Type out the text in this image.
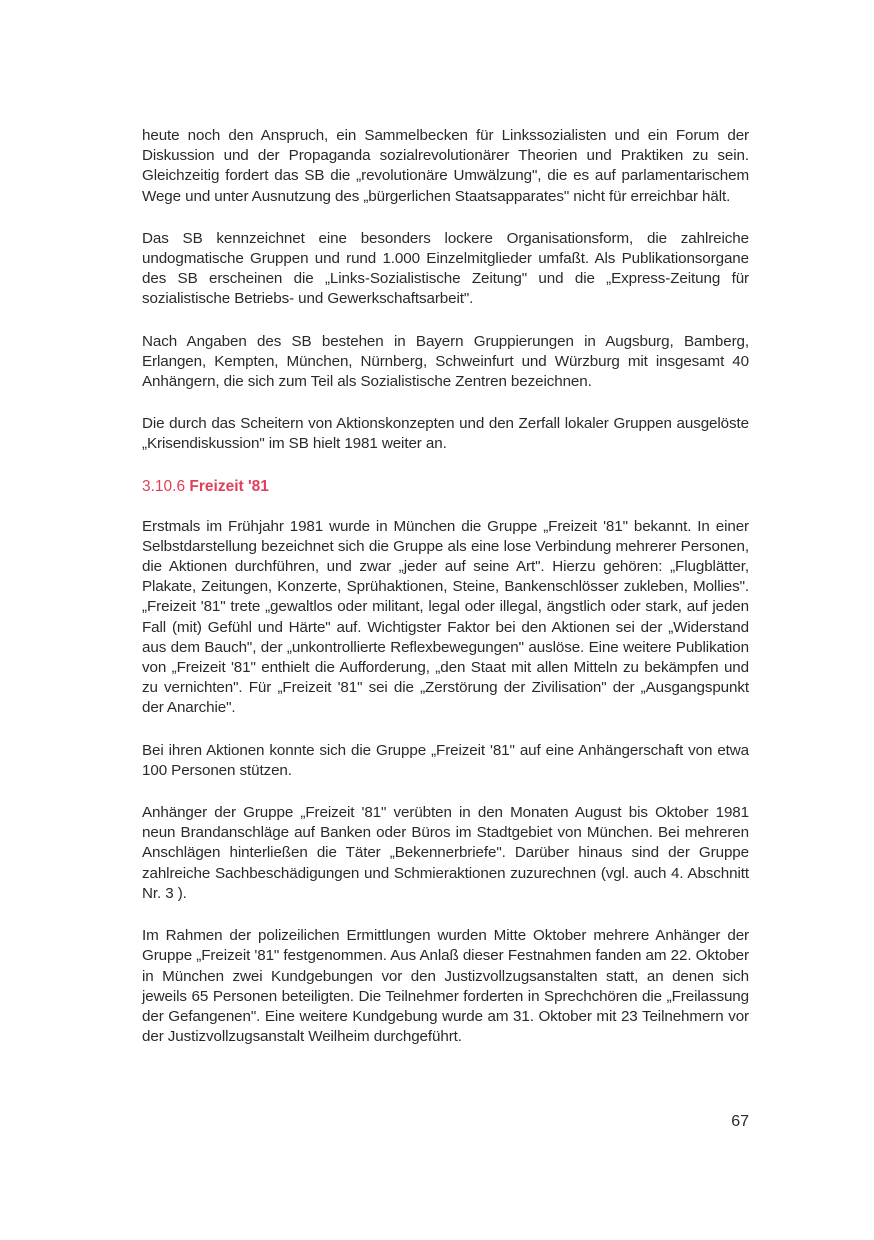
heute noch den Anspruch, ein Sammelbecken für Linkssozialisten und ein Forum der Diskussion und der Propaganda sozialrevolutionärer Theorien und Praktiken zu sein. Gleichzeitig fordert das SB die „revolutionäre Umwälzung", die es auf parlamentarischem Wege und unter Ausnutzung des „bürgerlichen Staatsapparates" nicht für erreichbar hält.

Das SB kennzeichnet eine besonders lockere Organisationsform, die zahlreiche undogmatische Gruppen und rund 1.000 Einzelmitglieder umfaßt. Als Publikationsorgane des SB erscheinen die „Links-Sozialistische Zeitung" und die „Express-Zeitung für sozialistische Betriebs- und Gewerkschaftsarbeit".

Nach Angaben des SB bestehen in Bayern Gruppierungen in Augsburg, Bamberg, Erlangen, Kempten, München, Nürnberg, Schweinfurt und Würzburg mit insgesamt 40 Anhängern, die sich zum Teil als Sozialistische Zentren bezeichnen.

Die durch das Scheitern von Aktionskonzepten und den Zerfall lokaler Gruppen ausgelöste „Krisendiskussion" im SB hielt 1981 weiter an.

3.10.6 Freizeit '81

Erstmals im Frühjahr 1981 wurde in München die Gruppe „Freizeit '81" bekannt. In einer Selbstdarstellung bezeichnet sich die Gruppe als eine lose Verbindung mehrerer Personen, die Aktionen durchführen, und zwar „jeder auf seine Art". Hierzu gehören: „Flugblätter, Plakate, Zeitungen, Konzerte, Sprühaktionen, Steine, Bankenschlösser zukleben, Mollies". „Freizeit '81" trete „gewaltlos oder militant, legal oder illegal, ängstlich oder stark, auf jeden Fall (mit) Gefühl und Härte" auf. Wichtigster Faktor bei den Aktionen sei der „Widerstand aus dem Bauch", der „unkontrollierte Reflexbewegungen" auslöse. Eine weitere Publikation von „Freizeit '81" enthielt die Aufforderung, „den Staat mit allen Mitteln zu bekämpfen und zu vernichten". Für „Freizeit '81" sei die „Zerstörung der Zivilisation" der „Ausgangspunkt der Anarchie".

Bei ihren Aktionen konnte sich die Gruppe „Freizeit '81" auf eine Anhängerschaft von etwa 100 Personen stützen.

Anhänger der Gruppe „Freizeit '81" verübten in den Monaten August bis Oktober 1981 neun Brandanschläge auf Banken oder Büros im Stadtgebiet von München. Bei mehreren Anschlägen hinterließen die Täter „Bekennerbriefe". Darüber hinaus sind der Gruppe zahlreiche Sachbeschädigungen und Schmieraktionen zuzurechnen (vgl. auch 4. Abschnitt Nr. 3 ).

Im Rahmen der polizeilichen Ermittlungen wurden Mitte Oktober mehrere Anhänger der Gruppe „Freizeit '81" festgenommen. Aus Anlaß dieser Festnahmen fanden am 22. Oktober in München zwei Kundgebungen vor den Justizvollzugsanstalten statt, an denen sich jeweils 65 Personen beteiligten. Die Teilnehmer forderten in Sprechchören die „Freilassung der Gefangenen". Eine weitere Kundgebung wurde am 31. Oktober mit 23 Teilnehmern vor der Justizvollzugsanstalt Weilheim durchgeführt.

67
